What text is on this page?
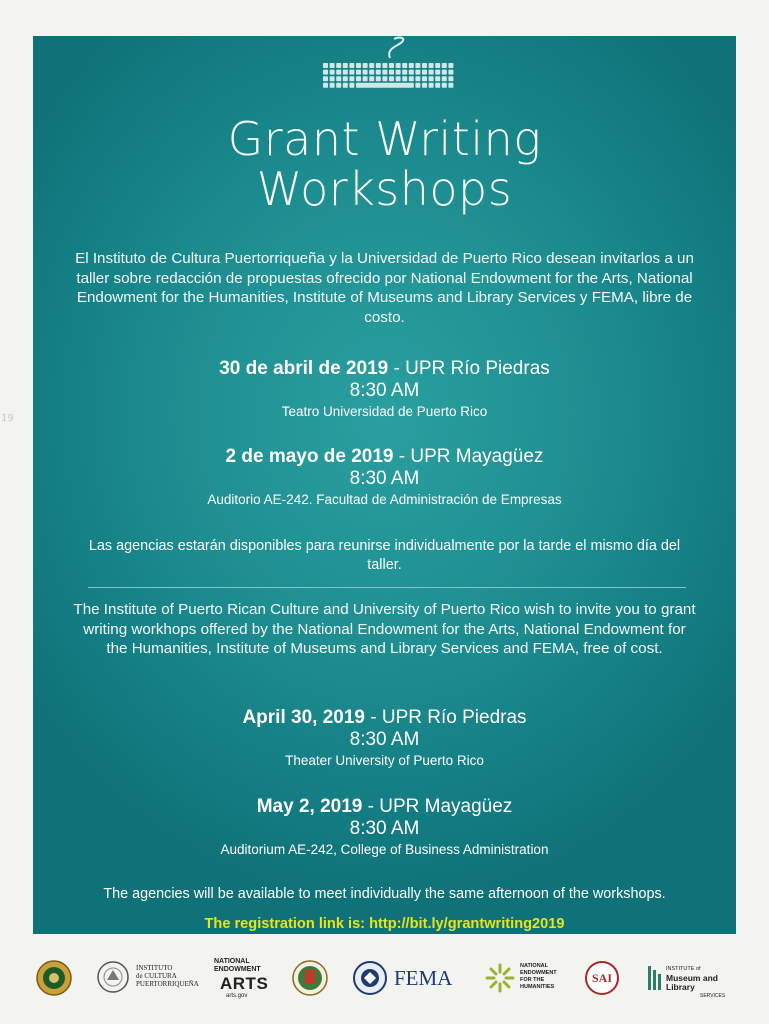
19
Grant Writing
Workshops
El Instituto de Cultura Puertorriqueña y la Universidad de Puerto Rico desean invitarlos a un taller sobre redacción de propuestas ofrecido por National Endowment for the Arts, National Endowment for the Humanities, Institute of Museums and Library Services y FEMA, libre de costo.
30 de abril de 2019 - UPR Río Piedras
8:30 AM
Teatro Universidad de Puerto Rico
2 de mayo de 2019 - UPR Mayagüez
8:30 AM
Auditorio AE-242. Facultad de Administración de Empresas
Las agencias estarán disponibles para reunirse individualmente por la tarde el mismo día del taller.
The Institute of Puerto Rican Culture and University of Puerto Rico wish to invite you to grant writing workhops offered by the National Endowment for the Arts, National Endowment for the Humanities, Institute of Museums and Library Services and FEMA, free of cost.
April 30, 2019 - UPR Río Piedras
8:30 AM
Theater University of Puerto Rico
May 2, 2019 - UPR Mayagüez
8:30 AM
Auditorium AE-242, College of Business Administration
The agencies will be available to meet individually the same afternoon of the workshops.
The registration link is: http://bit.ly/grantwriting2019
INSTITUTO
de CULTURA
PUERTORRIQUEÑA
NATIONAL
ENDOWMENT
ARTS
arts.gov
FEMA	NATIONAL
ENDOWMENT
FOR THE
HUMANITIES
SAI
INSTITUTE of
Museum and Library
SERVICES
